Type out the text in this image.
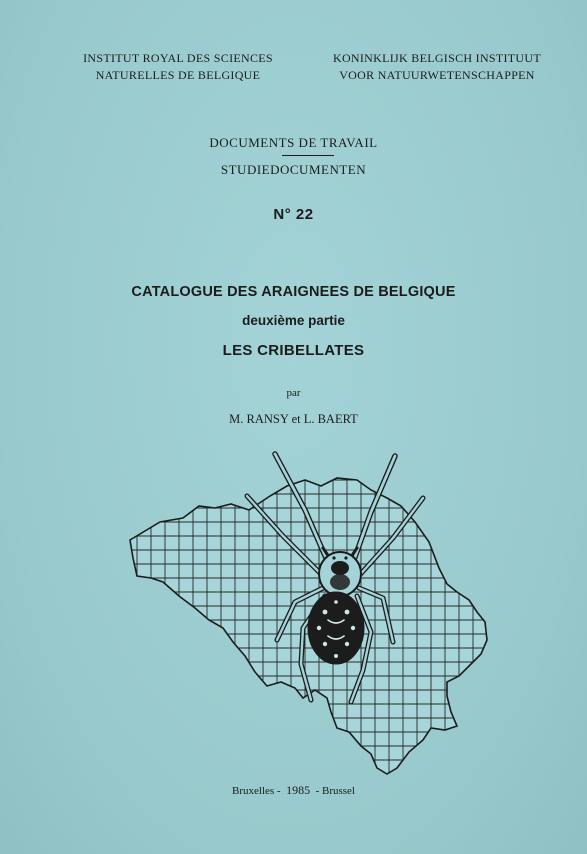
INSTITUT ROYAL DES SCIENCES
NATURELLES DE BELGIQUE
KONINKLIJK BELGISCH INSTITUUT
VOOR NATUURWETENSCHAPPEN
DOCUMENTS DE TRAVAIL
STUDIEDOCUMENTEN
N° 22
CATALOGUE DES ARAIGNEES DE BELGIQUE
deuxième partie
LES CRIBELLATES
par
M. RANSY et L. BAERT
Bruxelles - 1985 - Brussel
